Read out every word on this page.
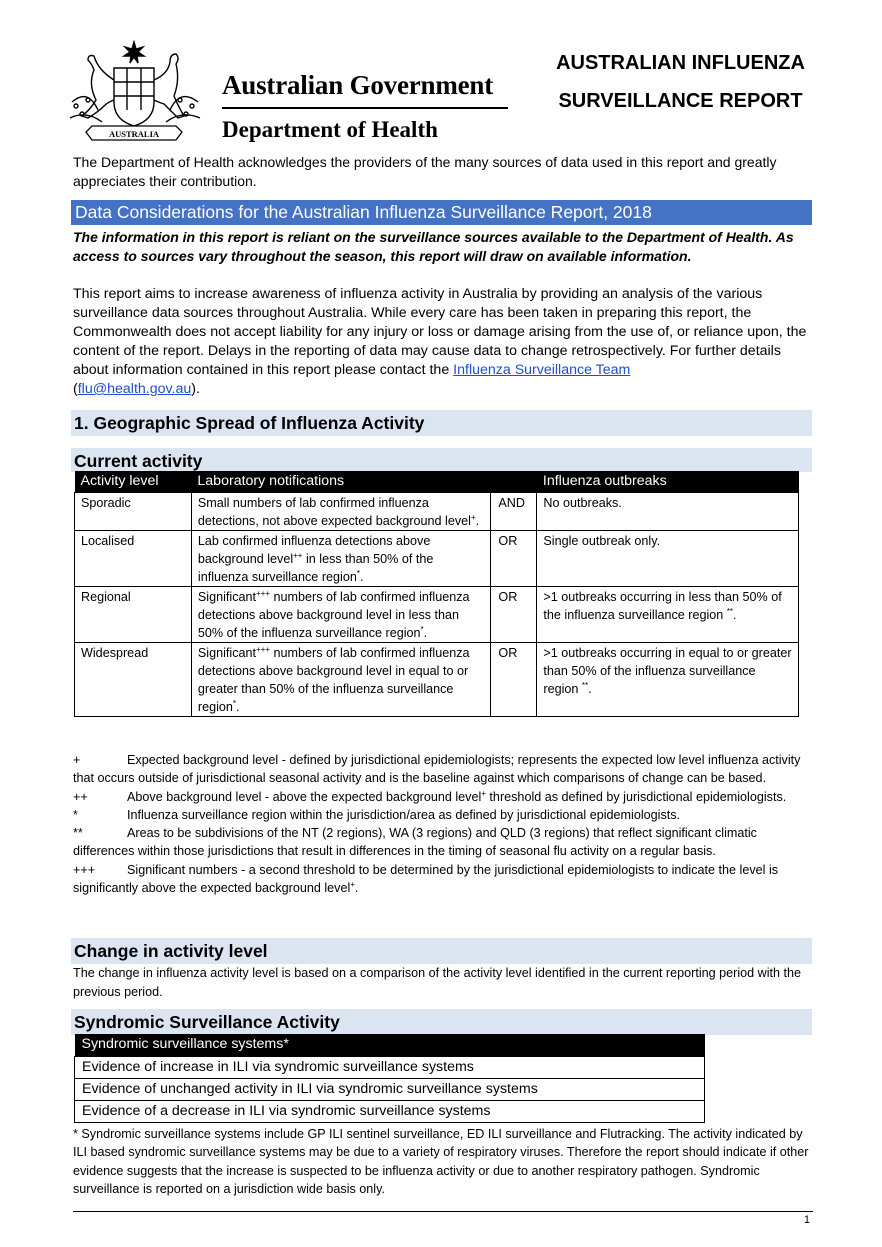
AUSTRALIA
Australian Government
Department of Health
AUSTRALIAN INFLUENZA
SURVEILLANCE REPORT
The Department of Health acknowledges the providers of the many sources of data used in this report and greatly appreciates their contribution.
Data Considerations for the Australian Influenza Surveillance Report, 2018
The information in this report is reliant on the surveillance sources available to the Department of Health. As access to sources vary throughout the season, this report will draw on available information.
This report aims to increase awareness of influenza activity in Australia by providing an analysis of the various surveillance data sources throughout Australia. While every care has been taken in preparing this report, the Commonwealth does not accept liability for any injury or loss or damage arising from the use of, or reliance upon, the content of the report. Delays in the reporting of data may cause data to change retrospectively. For further details about information contained in this report please contact the Influenza Surveillance Team
(flu@health.gov.au).
1. Geographic Spread of Influenza Activity
Current activity
Activity level	Laboratory notifications		Influenza outbreaks
Sporadic	Small numbers of lab confirmed influenza detections, not above expected background level+.	AND	No outbreaks.
Localised	Lab confirmed influenza detections above background level++ in less than 50% of the influenza surveillance region*.	OR	Single outbreak only.
Regional	Significant+++ numbers of lab confirmed influenza detections above background level in less than 50% of the influenza surveillance region*.	OR	>1 outbreaks occurring in less than 50% of the influenza surveillance region **.
Widespread	Significant+++ numbers of lab confirmed influenza detections above background level in equal to or greater than 50% of the influenza surveillance region*.	OR	>1 outbreaks occurring in equal to or greater than 50% of the influenza surveillance region **.
+	Expected background level - defined by jurisdictional epidemiologists; represents the expected low level influenza activity that occurs outside of jurisdictional seasonal activity and is the baseline against which comparisons of change can be based.
++	Above background level - above the expected background level+ threshold as defined by jurisdictional epidemiologists.
*	Influenza surveillance region within the jurisdiction/area as defined by jurisdictional epidemiologists.
**	Areas to be subdivisions of the NT (2 regions), WA (3 regions) and QLD (3 regions) that reflect significant climatic differences within those jurisdictions that result in differences in the timing of seasonal flu activity on a regular basis.
+++	Significant numbers - a second threshold to be determined by the jurisdictional epidemiologists to indicate the level is significantly above the expected background level+.
Change in activity level
The change in influenza activity level is based on a comparison of the activity level identified in the current reporting period with the previous period.
Syndromic Surveillance Activity
Syndromic surveillance systems*
Evidence of increase in ILI via syndromic surveillance systems
Evidence of unchanged activity in ILI via syndromic surveillance systems
Evidence of a decrease in ILI via syndromic surveillance systems
* Syndromic surveillance systems include GP ILI sentinel surveillance, ED ILI surveillance and Flutracking. The activity indicated by ILI based syndromic surveillance systems may be due to a variety of respiratory viruses. Therefore the report should indicate if other evidence suggests that the increase is suspected to be influenza activity or due to another respiratory pathogen. Syndromic surveillance is reported on a jurisdiction wide basis only.
1
